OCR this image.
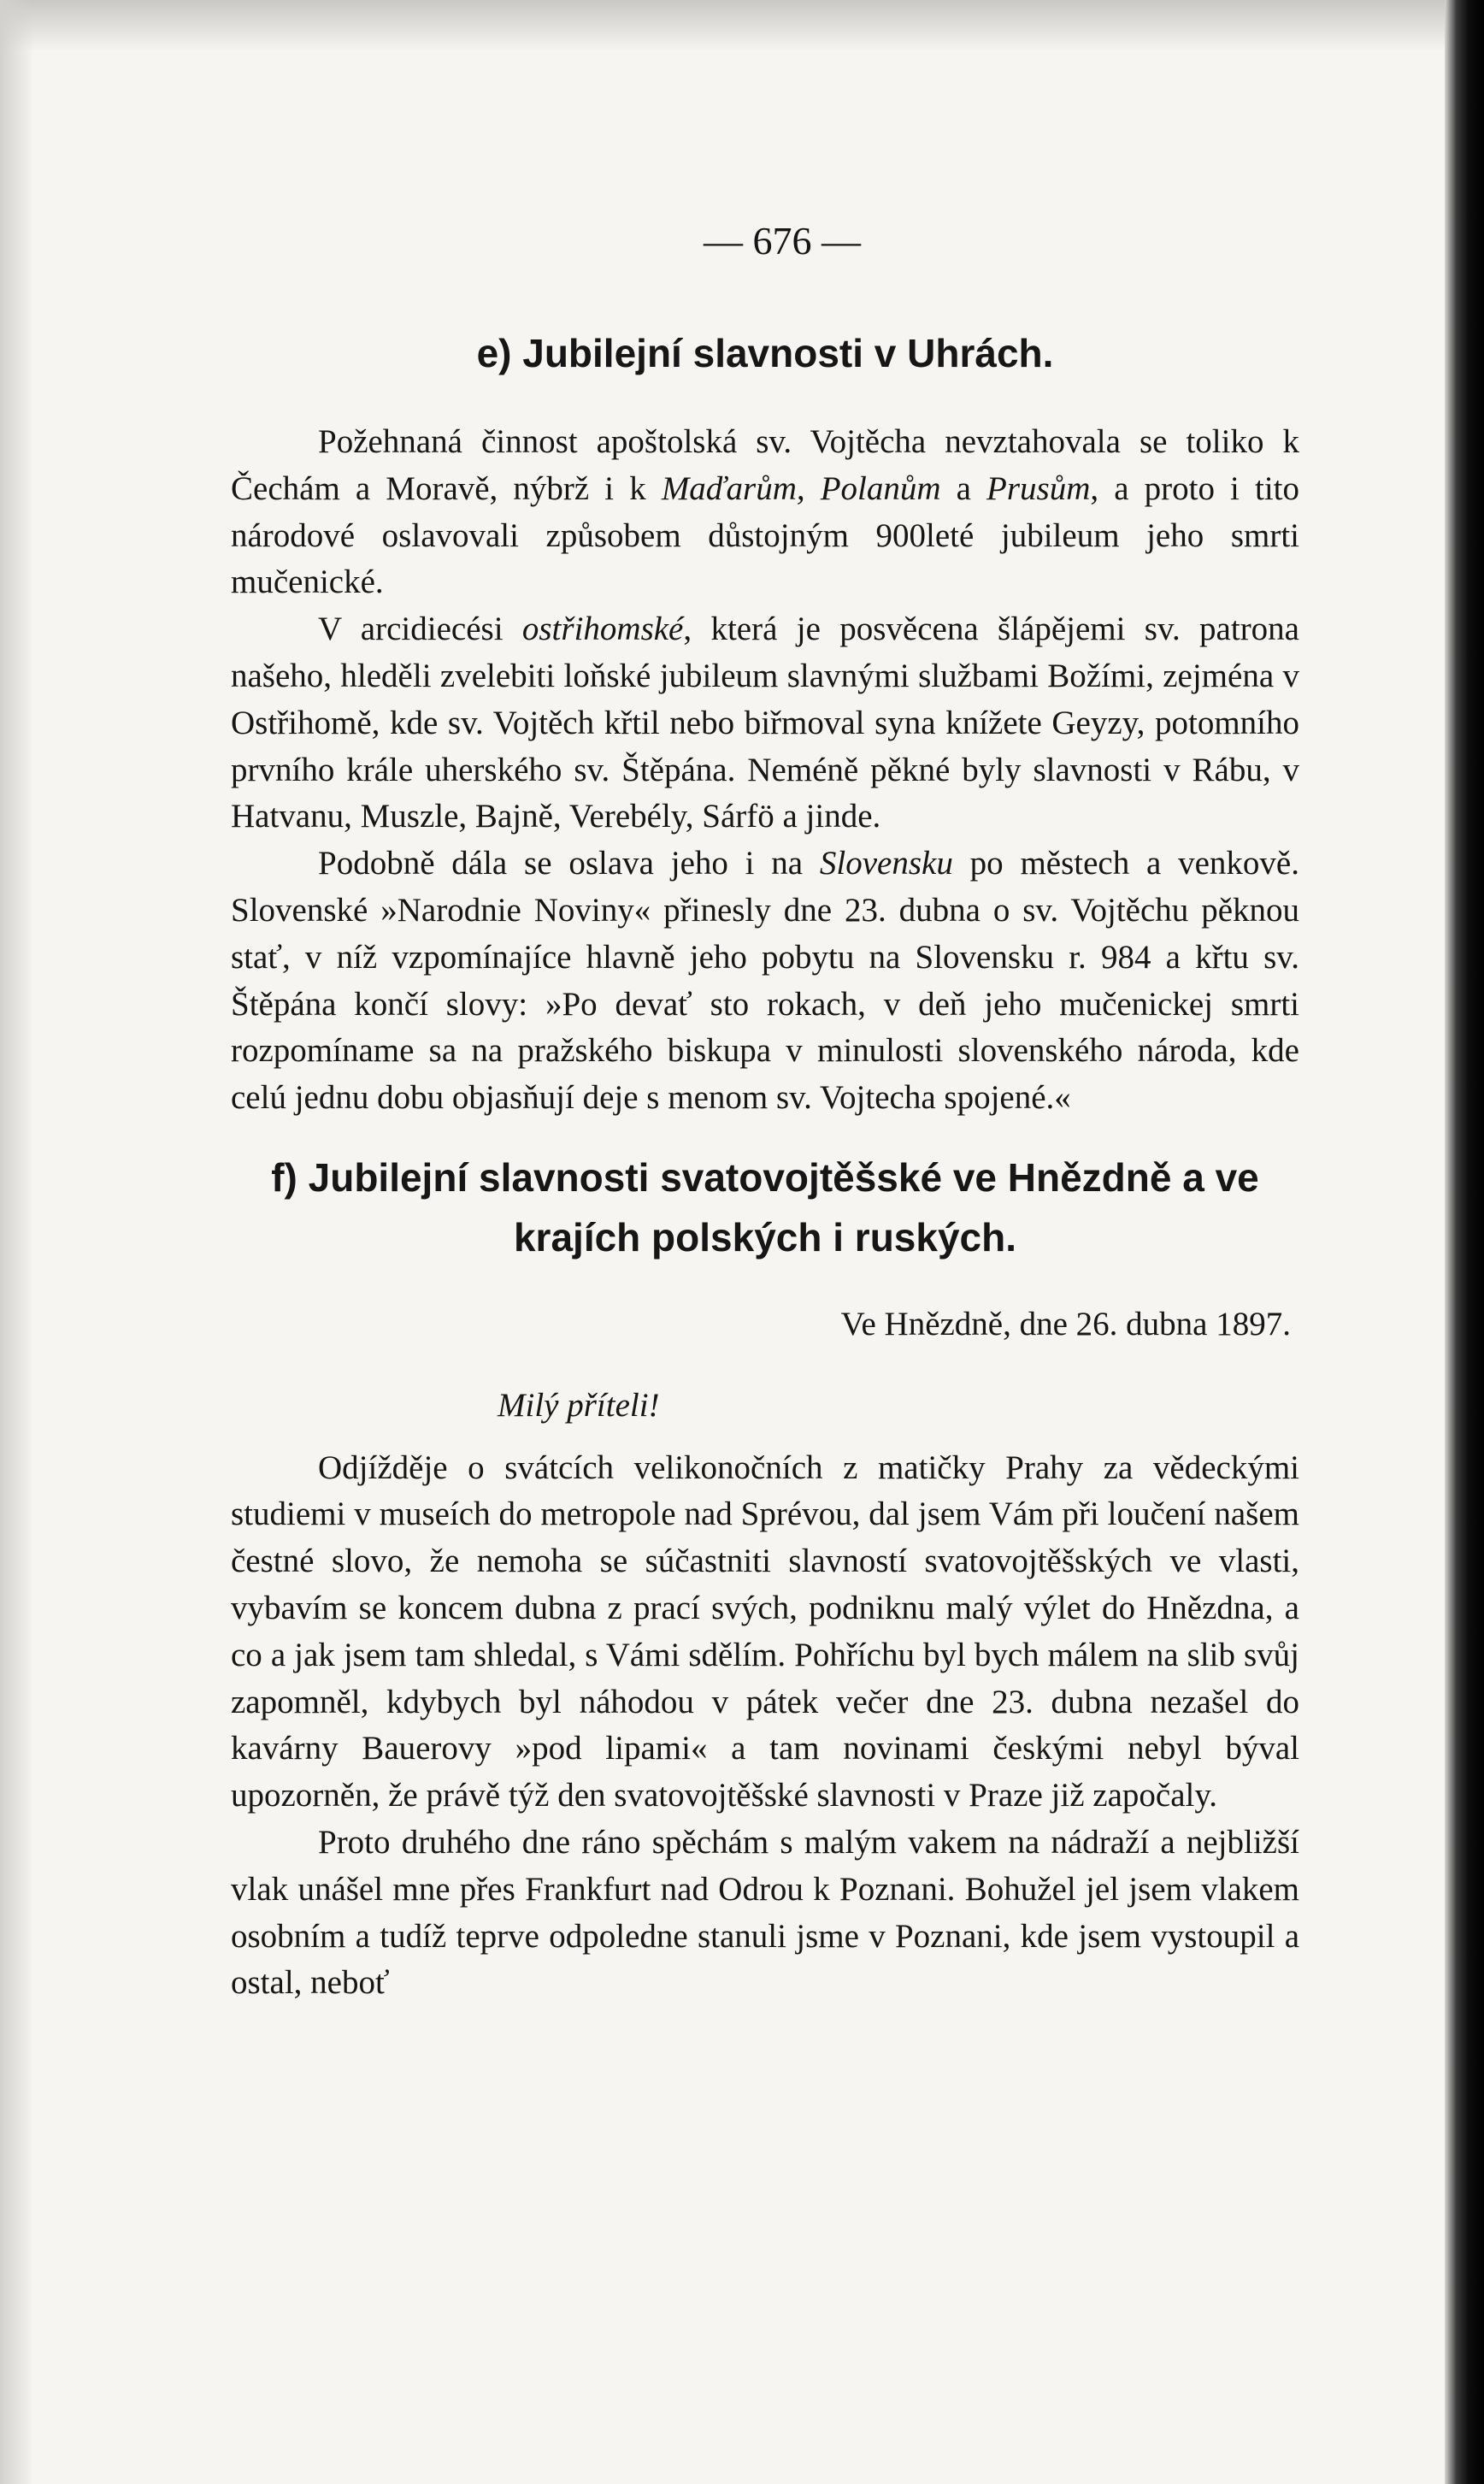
— 676 —
e) Jubilejní slavnosti v Uhrách.

Požehnaná činnost apoštolská sv. Vojtěcha nevztahovala se toliko k Čechám a Moravě, nýbrž i k Maďarům, Polanům a Prusům, a proto i tito národové oslavovali způsobem důstojným 900leté jubileum jeho smrti mučenické.

V arcidiecési ostřihomské, která je posvěcena šlápějemi sv. patrona našeho, hleděli zvelebiti loňské jubileum slavnými službami Božími, zejména v Ostřihomě, kde sv. Vojtěch křtil nebo biřmoval syna knížete Geyzy, potomního prvního krále uherského sv. Štěpána. Neméně pěkné byly slavnosti v Rábu, v Hatvanu, Muszle, Bajně, Verebély, Sárfö a jinde.

Podobně dála se oslava jeho i na Slovensku po městech a venkově. Slovenské »Narodnie Noviny« přinesly dne 23. dubna o sv. Vojtěchu pěknou stať, v níž vzpomínajíce hlavně jeho pobytu na Slovensku r. 984 a křtu sv. Štěpána končí slovy: »Po devať sto rokach, v deň jeho mučenickej smrti rozpomíname sa na pražského biskupa v minulosti slovenského národa, kde celú jednu dobu objasňují deje s menom sv. Vojtecha spojené.«

f) Jubilejní slavnosti svatovojtěšské ve Hnězdně a ve
krajích polských i ruských.
Ve Hnězdně, dne 26. dubna 1897.
Milý příteli!

Odjížděje o svátcích velikonočních z matičky Prahy za vědeckými studiemi v museích do metropole nad Sprévou, dal jsem Vám při loučení našem čestné slovo, že nemoha se súčastniti slavností svatovojtěšských ve vlasti, vybavím se koncem dubna z prací svých, podniknu malý výlet do Hnězdna, a co a jak jsem tam shledal, s Vámi sdělím. Pohříchu byl bych málem na slib svůj zapomněl, kdybych byl náhodou v pátek večer dne 23. dubna nezašel do kavárny Bauerovy »pod lipami« a tam novinami českými nebyl býval upozorněn, že právě týž den svatovojtěšské slavnosti v Praze již započaly.

Proto druhého dne ráno spěchám s malým vakem na nádraží a nejbližší vlak unášel mne přes Frankfurt nad Odrou k Poznani. Bohužel jel jsem vlakem osobním a tudíž teprve odpoledne stanuli jsme v Poznani, kde jsem vystoupil a ostal, neboť
